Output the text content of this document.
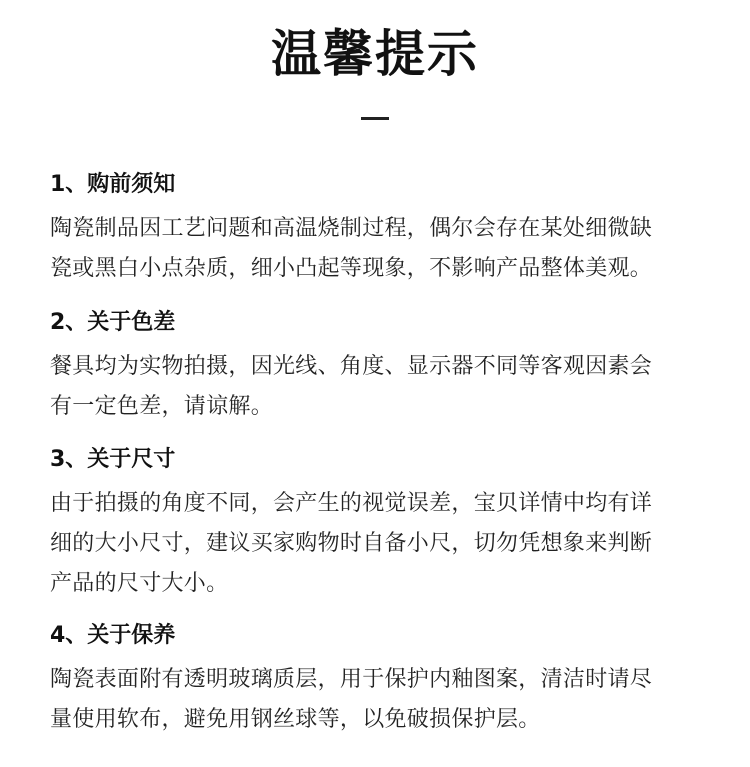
温馨提示
1、购前须知

陶瓷制品因工艺问题和高温烧制过程，偶尔会存在某处细微缺
瓷或黑白小点杂质，细小凸起等现象，不影响产品整体美观。

2、关于色差

餐具均为实物拍摄，因光线、角度、显示器不同等客观因素会
有一定色差，请谅解。

3、关于尺寸

由于拍摄的角度不同，会产生的视觉误差，宝贝详情中均有详
细的大小尺寸，建议买家购物时自备小尺，切勿凭想象来判断
产品的尺寸大小。

4、关于保养

陶瓷表面附有透明玻璃质层，用于保护内釉图案，清洁时请尽
量使用软布，避免用钢丝球等，以免破损保护层。
